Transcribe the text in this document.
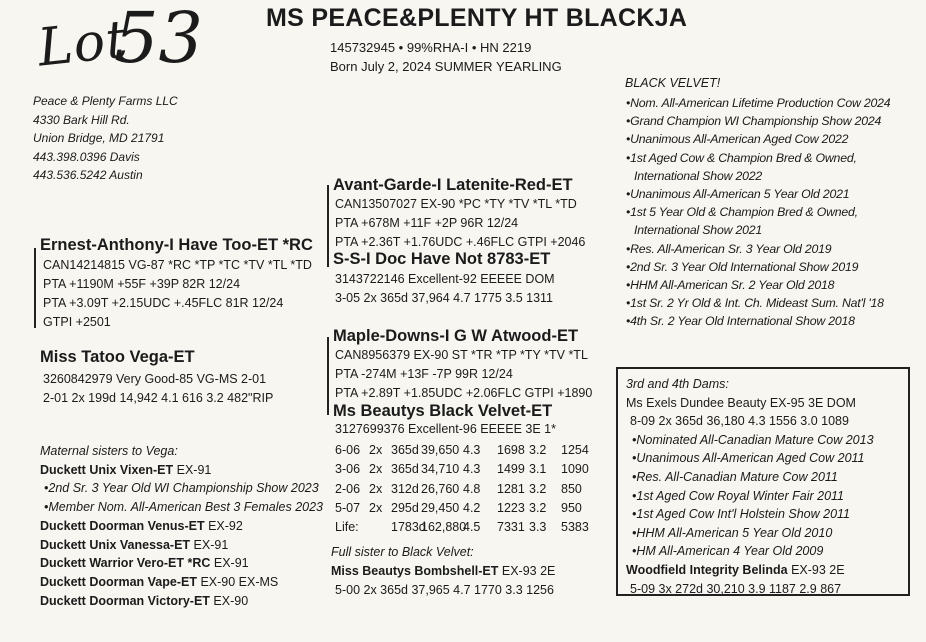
Lot
53	MS PEACE&PLENTY HT BLACKJA
145732945 • 99%RHA-I • HN 2219
Born July 2, 2024 SUMMER YEARLING
Peace & Plenty Farms LLC
4330 Bark Hill Rd.
Union Bridge, MD 21791
443.398.0396 Davis
443.536.5242 Austin
Ernest-Anthony-I Have Too-ET *RC
CAN14214815 VG-87 *RC *TP *TC *TV *TL *TD
PTA +1190M +55F +39P 82R 12/24
PTA +3.09T +2.15UDC +.45FLC 81R 12/24
GTPI +2501
Miss Tatoo Vega-ET
3260842979 Very Good-85 VG-MS 2-01
2-01 2x 199d 14,942 4.1 616 3.2 482"RIP
Maternal sisters to Vega:
Duckett Unix Vixen-ET EX-91
•2nd Sr. 3 Year Old WI Championship Show 2023
•Member Nom. All-American Best 3 Females 2023
Duckett Doorman Venus-ET EX-92
Duckett Unix Vanessa-ET EX-91
Duckett Warrior Vero-ET *RC EX-91
Duckett Doorman Vape-ET EX-90 EX-MS
Duckett Doorman Victory-ET EX-90
Avant-Garde-I Latenite-Red-ET
CAN13507027 EX-90 *PC *TY *TV *TL *TD
PTA +678M +11F +2P 96R 12/24
PTA +2.36T +1.76UDC +.46FLC GTPI +2046
S-S-I Doc Have Not 8783-ET
3143722146 Excellent-92 EEEEE DOM
3-05 2x 365d 37,964 4.7 1775 3.5 1311
Maple-Downs-I G W Atwood-ET
CAN8956379 EX-90 ST *TR *TP *TY *TV *TL
PTA -274M +13F -7P 99R 12/24
PTA +2.89T +1.85UDC +2.06FLC GTPI +1890
Ms Beautys Black Velvet-ET
3127699376 Excellent-96 EEEEE 3E 1*
6-06 2x 365d 39,650 4.3 1698 3.2 1254
3-06 2x 365d 34,710 4.3 1499 3.1 1090
2-06 2x 312d 26,760 4.8 1281 3.2 850
5-07 2x 295d 29,450 4.2 1223 3.2 950
Life:	1783d
162,880
4.5 7331 3.3 5383
Full sister to Black Velvet:
Miss Beautys Bombshell-ET EX-93 2E
5-00 2x 365d 37,965 4.7 1770 3.3 1256
BLACK VELVET!
•Nom. All-American Lifetime Production Cow 2024
•Grand Champion WI Championship Show 2024
•Unanimous All-American Aged Cow 2022
•1st Aged Cow & Champion Bred & Owned,
International Show 2022
•Unanimous All-American 5 Year Old 2021
•1st 5 Year Old & Champion Bred & Owned,
International Show 2021
•Res. All-American Sr. 3 Year Old 2019
•2nd Sr. 3 Year Old International Show 2019
•HHM All-American Sr. 2 Year Old 2018
•1st Sr. 2 Yr Old & Int. Ch. Mideast Sum. Nat'l '18
•4th Sr. 2 Year Old International Show 2018
3rd and 4th Dams:
Ms Exels Dundee Beauty EX-95 3E DOM
8-09 2x 365d 36,180 4.3 1556 3.0 1089
•Nominated All-Canadian Mature Cow 2013
•Unanimous All-American Aged Cow 2011
•Res. All-Canadian Mature Cow 2011
•1st Aged Cow Royal Winter Fair 2011
•1st Aged Cow Int'l Holstein Show 2011
•HHM All-American 5 Year Old 2010
•HM All-American 4 Year Old 2009
Woodfield Integrity Belinda EX-93 2E
5-09 3x 272d 30,210 3.9 1187 2.9 867
